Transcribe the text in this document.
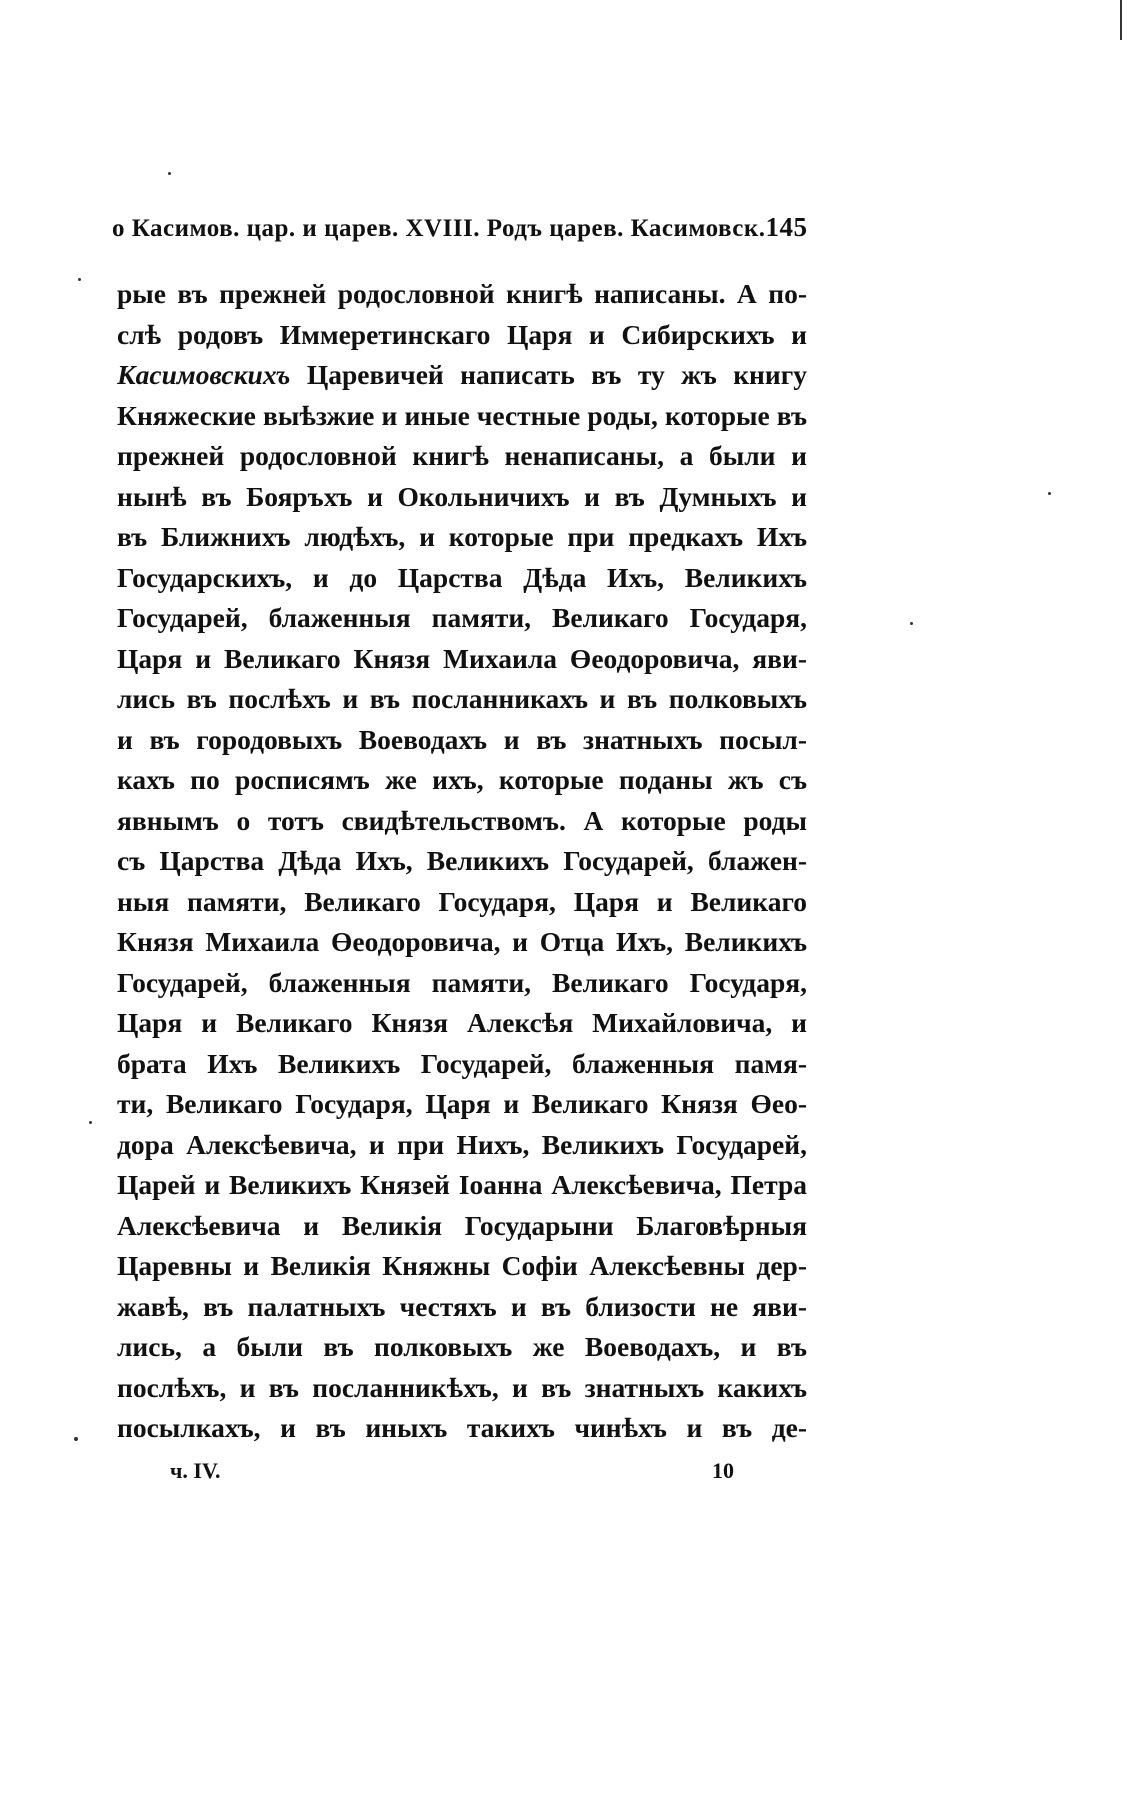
о Касимов. цар. и царев. XVIII. Родъ царев. Касимовск. 145
рые въ прежней родословной книгѣ написаны. А по-
слѣ родовъ Иммеретинскаго Царя и Сибирскихъ и
Касимовскихъ Царевичей написать въ ту жъ книгу
Княжеские выѣзжие и иные честные роды, которые въ
прежней родословной книгѣ ненаписаны, а были и
нынѣ въ Бояръхъ и Окольничихъ и въ Думныхъ и
въ Ближнихъ людѣхъ, и которые при предкахъ Ихъ
Государскихъ, и до Царства Дѣда Ихъ, Великихъ
Государей, блаженныя памяти, Великаго Государя,
Царя и Великаго Князя Михаила Өеодоровича, яви-
лись въ послѣхъ и въ посланникахъ и въ полковыхъ
и въ городовыхъ Воеводахъ и въ знатныхъ посыл-
кахъ по росписямъ же ихъ, которые поданы жъ съ
явнымъ о тотъ свидѣтельствомъ. А которые роды
съ Царства Дѣда Ихъ, Великихъ Государей, блажен-
ныя памяти, Великаго Государя, Царя и Великаго
Князя Михаила Өеодоровича, и Отца Ихъ, Великихъ
Государей, блаженныя памяти, Великаго Государя,
Царя и Великаго Князя Алексѣя Михайловича, и
брата Ихъ Великихъ Государей, блаженныя памя-
ти, Великаго Государя, Царя и Великаго Князя Өео-
дора Алексѣевича, и при Нихъ, Великихъ Государей,
Царей и Великихъ Князей Іоанна Алексѣевича, Петра
Алексѣевича и Великія Государыни Благовѣрныя
Царевны и Великія Княжны Софіи Алексѣевны дер-
жавѣ, въ палатныхъ честяхъ и въ близости не яви-
лись, а были въ полковыхъ же Воеводахъ, и въ
послѣхъ, и въ посланникѣхъ, и въ знатныхъ какихъ
посылкахъ, и въ иныхъ такихъ чинѣхъ и въ де-
ч. IV.	10
